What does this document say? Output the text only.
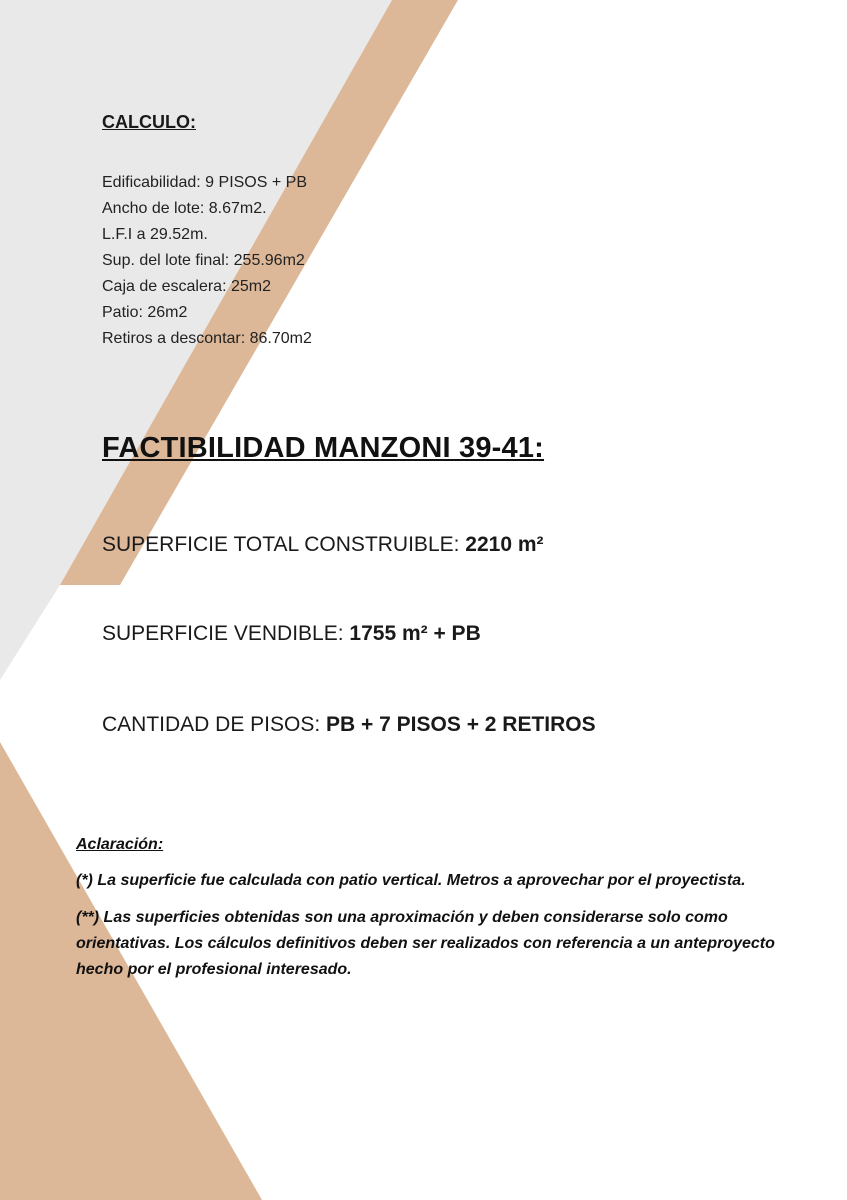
CALCULO:
Edificabilidad: 9 PISOS + PB
Ancho de lote: 8.67m2.
L.F.I a 29.52m.
Sup. del lote final: 255.96m2
Caja de escalera: 25m2
Patio: 26m2
Retiros a descontar: 86.70m2
FACTIBILIDAD MANZONI 39-41:

SUPERFICIE TOTAL CONSTRUIBLE: 2210 m²

SUPERFICIE VENDIBLE: 1755 m² + PB

CANTIDAD DE PISOS: PB + 7 PISOS + 2 RETIROS

Aclaración:

(*) La superficie fue calculada con patio vertical. Metros a aprovechar por el proyectista.

(**) Las superficies obtenidas son una aproximación y deben considerarse solo como orientativas. Los cálculos definitivos deben ser realizados con referencia a un anteproyecto hecho por el profesional interesado.
